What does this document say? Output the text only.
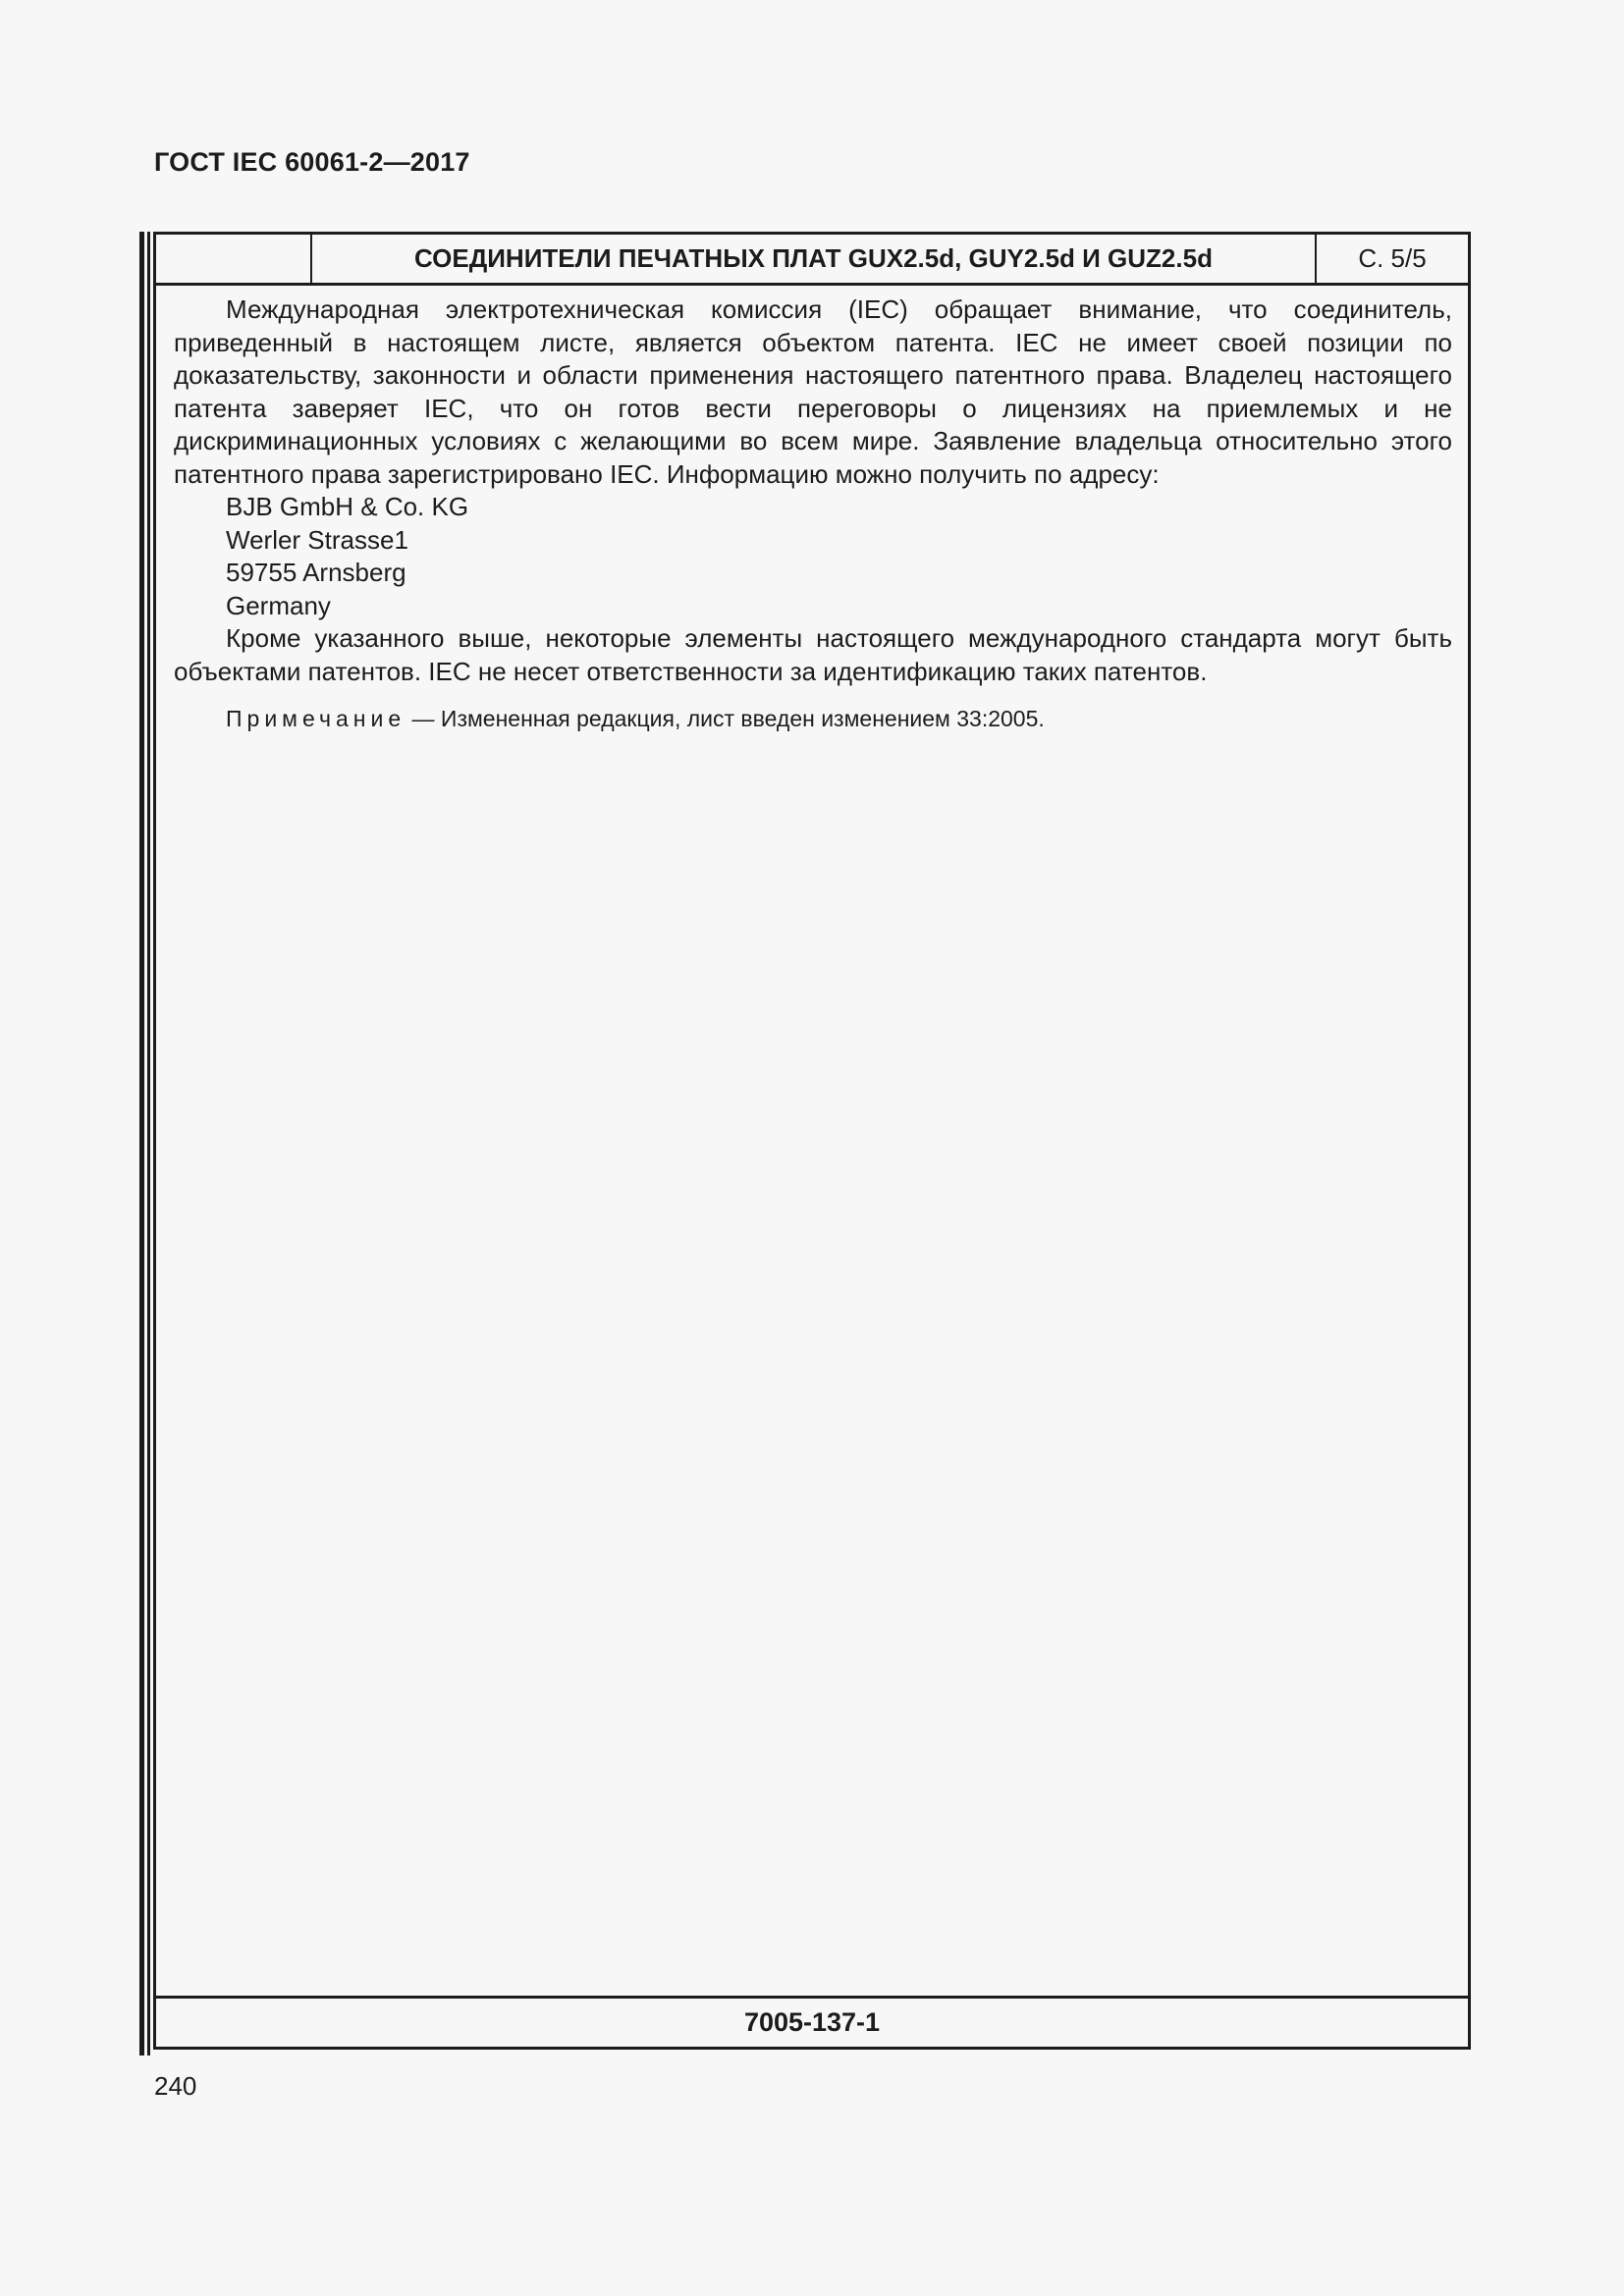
ГОСТ IEC 60061-2—2017
СОЕДИНИТЕЛИ ПЕЧАТНЫХ ПЛАТ GUX2.5d, GUY2.5d И GUZ2.5d	С. 5/5

Международная электротехническая комиссия (IEC) обращает внимание, что соединитель, приведенный в настоящем листе, является объектом патента. IEC не имеет своей позиции по доказательству, законности и области применения настоящего патентного права. Владелец настоящего патента заверяет IEC, что он готов вести переговоры о лицензиях на приемлемых и не дискриминационных условиях с желающими во всем мире. Заявление владельца относительно этого патентного права зарегистрировано IEC. Информацию можно получить по адресу:

BJB GmbH & Co. KG

Werler Strasse1

59755 Arnsberg

Germany

Кроме указанного выше, некоторые элементы настоящего международного стандарта могут быть объектами патентов. IEC не несет ответственности за идентификацию таких патентов.

Примечание — Измененная редакция, лист введен изменением 33:2005.

7005-137-1
240
